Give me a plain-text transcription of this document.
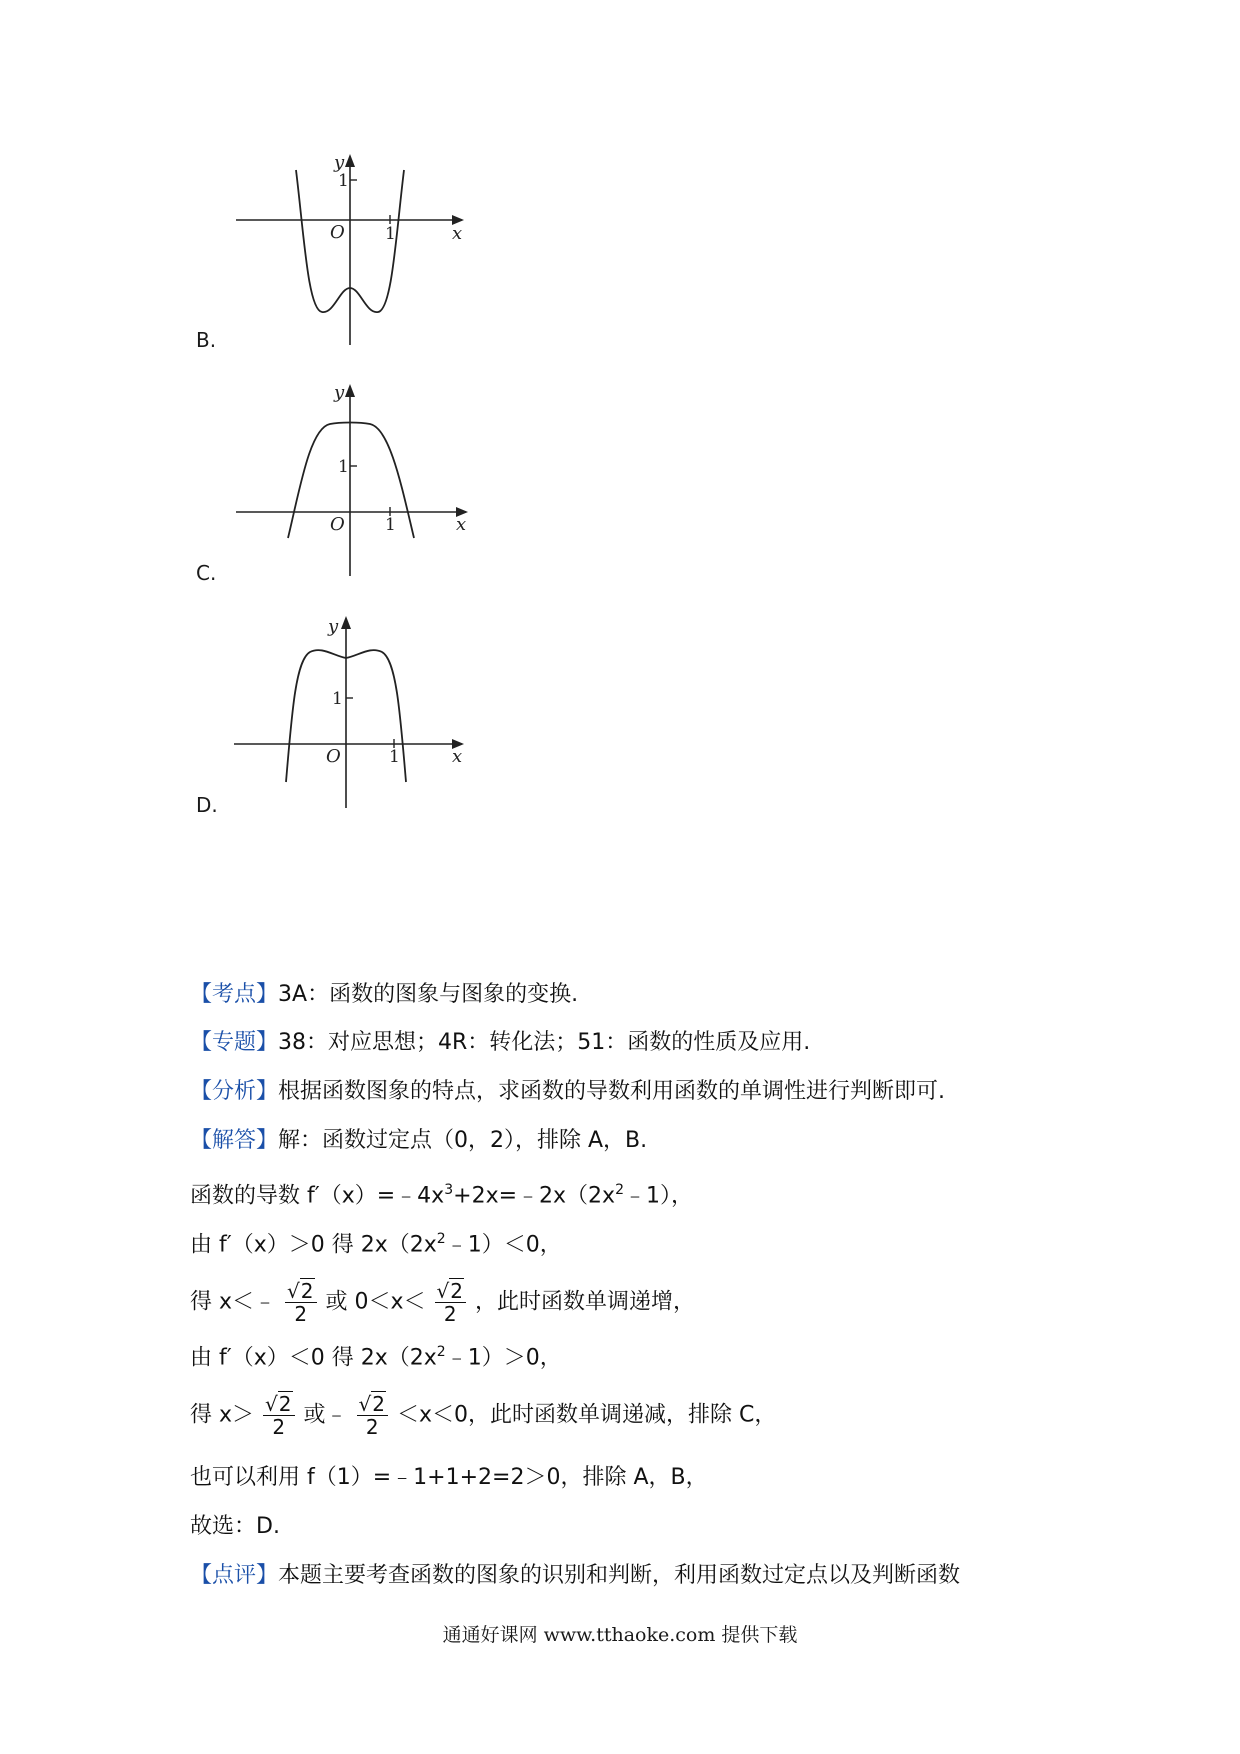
B.
y
1
O 1	x
C.
y
1
O 1	x
D.
y
1
O	1	x
【考点】3A：函数的图象与图象的变换.
【专题】38：对应思想；4R：转化法；51：函数的性质及应用.
【分析】根据函数图象的特点，求函数的导数利用函数的单调性进行判断即可.
【解答】解：函数过定点（0，2），排除 A，B.
函数的导数 $f'(x)=﹣4x^3+2x=﹣2x(2x^2﹣1)$，
由 f′（x）＞0 得 $2x(2x^2﹣1)<0$，
得 x＜﹣ $\frac{√2}{2}$ 或 $0<x< \frac{√2}{2}$ ，此时函数单调递增，
由 f′（x）＜0 得 $2x(2x^2﹣1)>0$，
得 $x> \frac{√2}{2}$ 或﹣ $\frac{√2}{2} <x<0$，此时函数单调递减，排除 C，
也可以利用 f（1）=﹣1+1+2=2＞0，排除 A，B，
故选：D.
【点评】本题主要考查函数的图象的识别和判断，利用函数过定点以及判断函数
通通好课网 www.tthaoke.com 提供下载
